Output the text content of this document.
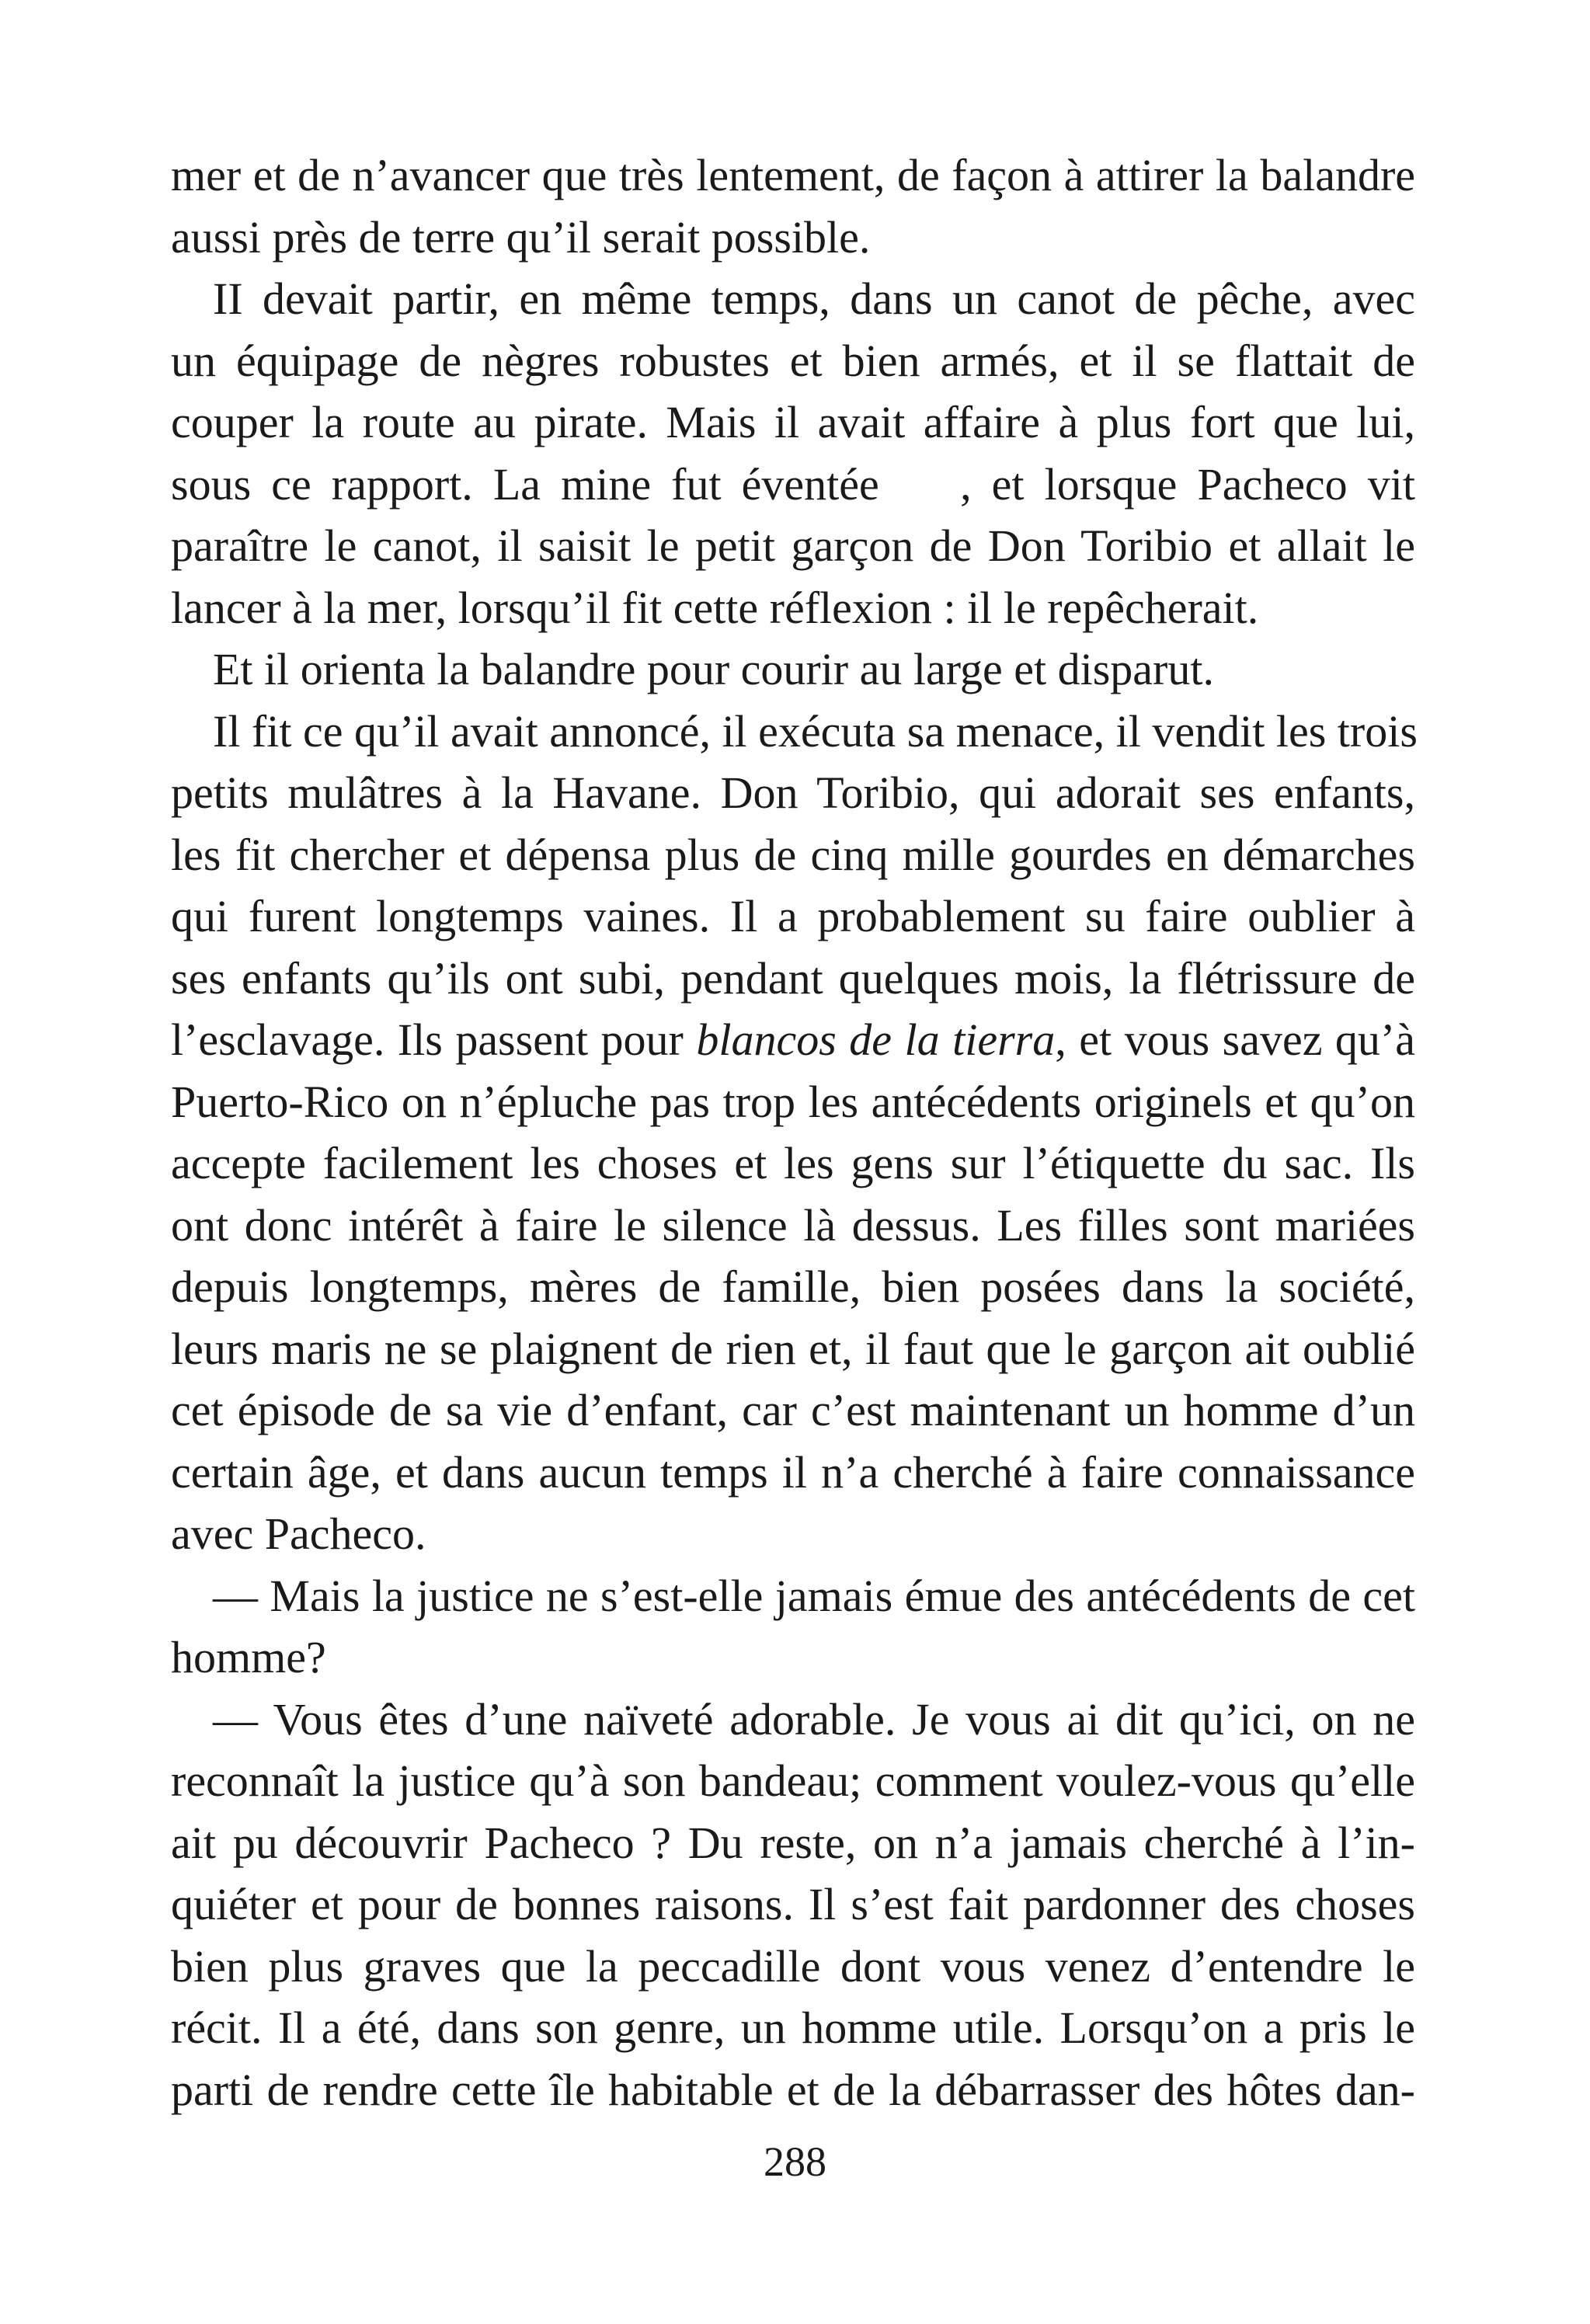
mer et de n’avancer que très lentement, de façon à attirer la balandre
aussi près de terre qu’il serait possible.
II devait partir, en même temps, dans un canot de pêche, avec
un équipage de nègres robustes et bien armés, et il se flattait de
couper la route au pirate. Mais il avait affaire à plus fort que lui,
sous ce rapport. La mine fut éventée    , et lorsque Pacheco vit
paraître le canot, il saisit le petit garçon de Don Toribio et allait le
lancer à la mer, lorsqu’il fit cette réflexion : il le repêcherait.
Et il orienta la balandre pour courir au large et disparut.
Il fit ce qu’il avait annoncé, il exécuta sa menace, il vendit les trois
petits mulâtres à la Havane. Don Toribio, qui adorait ses enfants,
les fit chercher et dépensa plus de cinq mille gourdes en démarches
qui furent longtemps vaines. Il a probablement su faire oublier à
ses enfants qu’ils ont subi, pendant quelques mois, la flétrissure de
l’esclavage. Ils passent pour blancos de la tierra, et vous savez qu’à
Puerto-Rico on n’épluche pas trop les antécédents originels et qu’on
accepte facilement les choses et les gens sur l’étiquette du sac. Ils
ont donc intérêt à faire le silence là dessus. Les filles sont mariées
depuis longtemps, mères de famille, bien posées dans la société,
leurs maris ne se plaignent de rien et, il faut que le garçon ait oublié
cet épisode de sa vie d’enfant, car c’est maintenant un homme d’un
certain âge, et dans aucun temps il n’a cherché à faire connaissance
avec Pacheco.
— Mais la justice ne s’est-elle jamais émue des antécédents de cet
homme?
— Vous êtes d’une naïveté adorable. Je vous ai dit qu’ici, on ne
reconnaît la justice qu’à son bandeau; comment voulez-vous qu’elle
ait pu découvrir Pacheco ? Du reste, on n’a jamais cherché à l’in-
quiéter et pour de bonnes raisons. Il s’est fait pardonner des choses
bien plus graves que la peccadille dont vous venez d’entendre le
récit. Il a été, dans son genre, un homme utile. Lorsqu’on a pris le
parti de rendre cette île habitable et de la débarrasser des hôtes dan-
288
